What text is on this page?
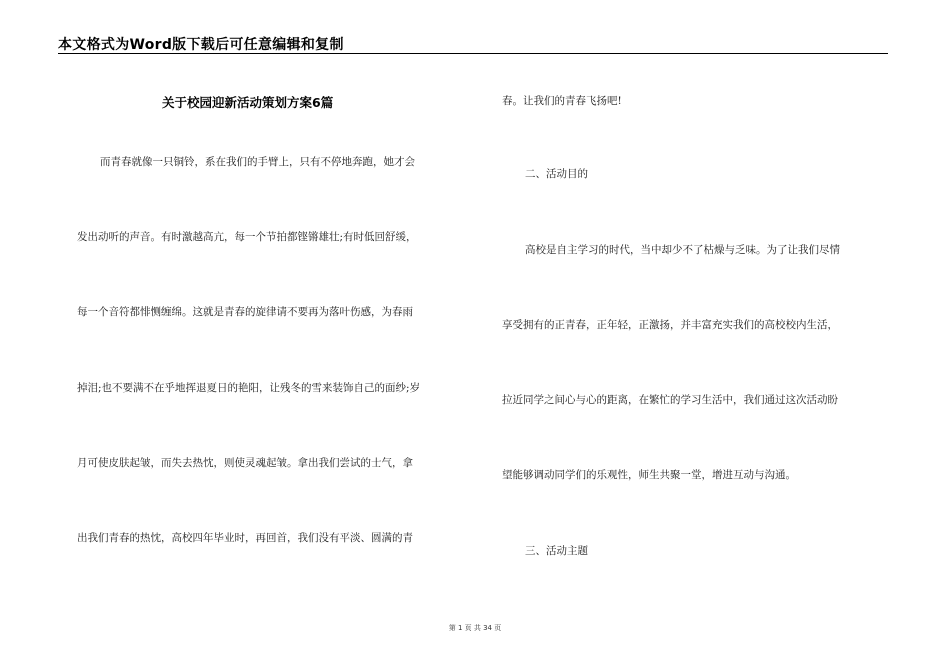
本文格式为Word版下载后可任意编辑和复制
关于校园迎新活动策划方案6篇
而青春就像一只铜铃，系在我们的手臂上，只有不停地奔跑，她才会
发出动听的声音。有时激越高亢，每一个节拍都铿锵雄壮;有时低回舒缓，
每一个音符都悱恻缠绵。这就是青春的旋律请不要再为落叶伤感，为春雨
掉泪;也不要满不在乎地挥退夏日的艳阳，让残冬的雪来装饰自己的面纱;岁
月可使皮肤起皱，而失去热忱，则使灵魂起皱。拿出我们尝试的士气，拿
出我们青春的热忱，高校四年毕业时，再回首，我们没有平淡、圆满的青
春。让我们的青春飞扬吧!
二、活动目的
高校是自主学习的时代，当中却少不了枯燥与乏味。为了让我们尽情
享受拥有的正青春，正年轻，正激扬，并丰富充实我们的高校校内生活，
拉近同学之间心与心的距离，在繁忙的学习生活中，我们通过这次活动盼
望能够调动同学们的乐观性，师生共聚一堂，增进互动与沟通。
三、活动主题
第 1 页 共 34 页
